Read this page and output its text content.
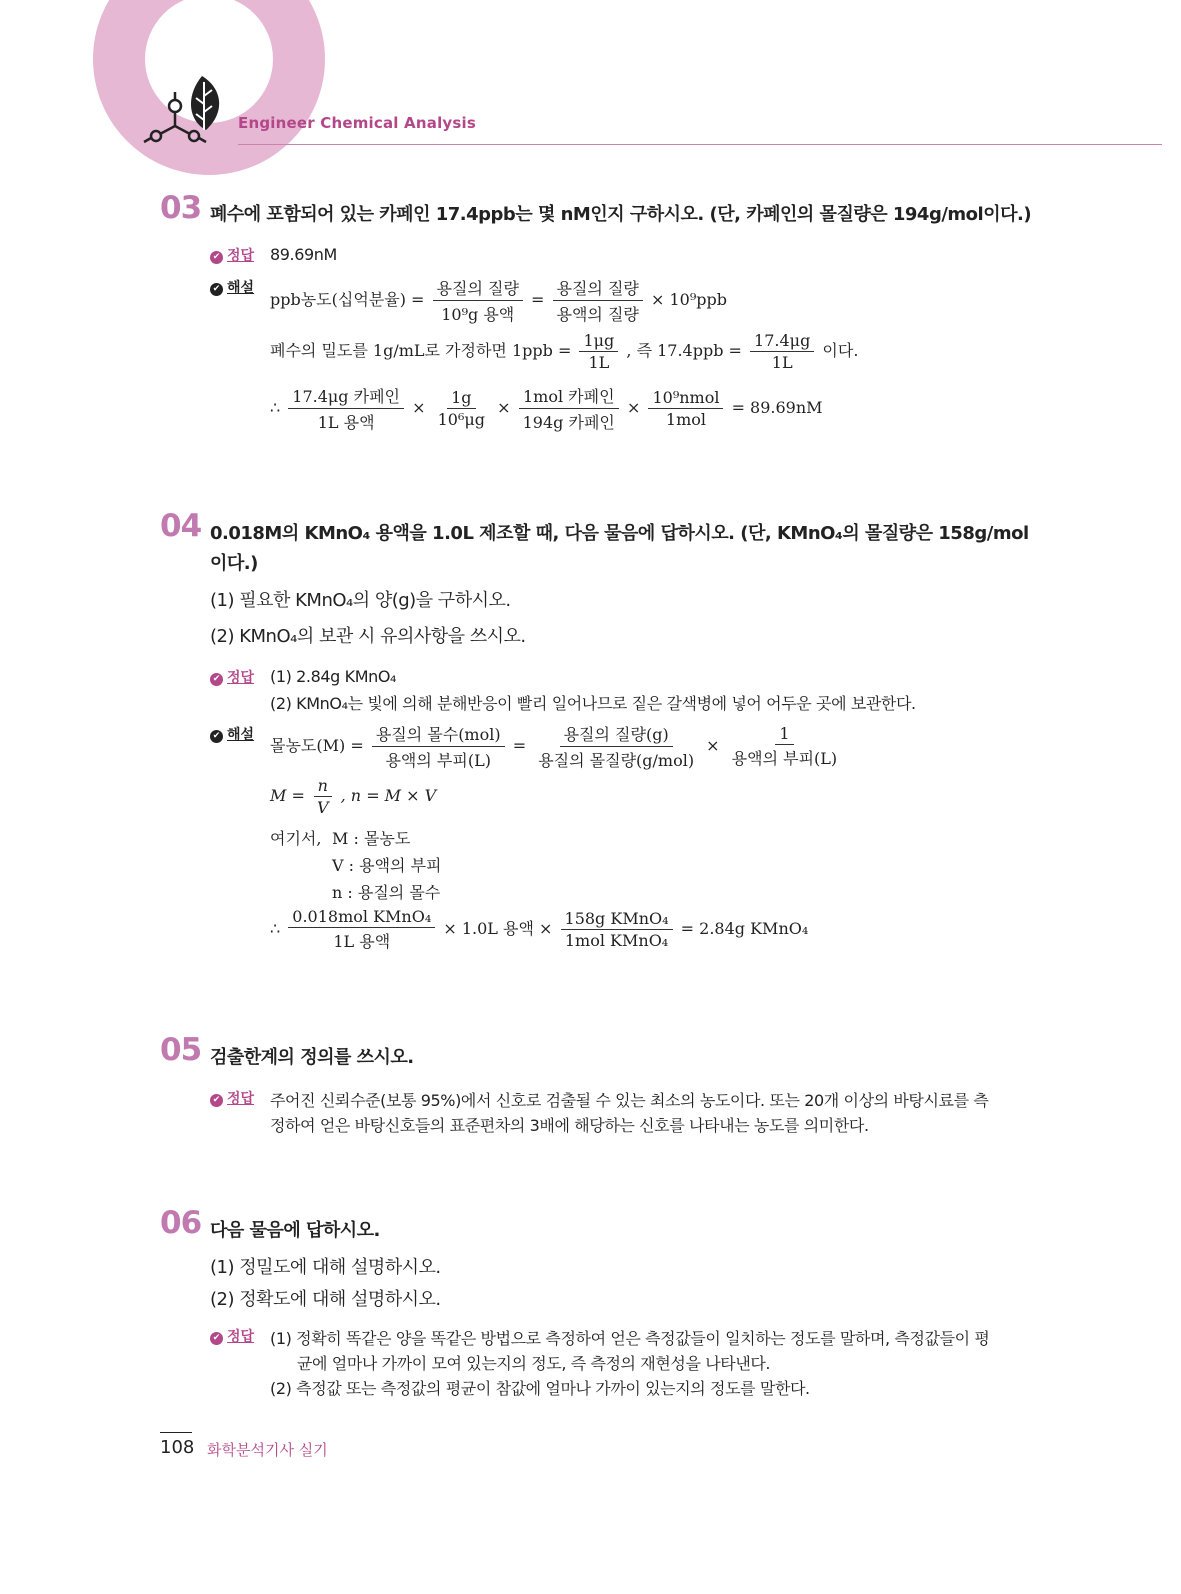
Engineer Chemical Analysis
03 폐수에 포함되어 있는 카페인 17.4ppb는 몇 nM인지 구하시오. (단, 카페인의 몰질량은 194g/mol이다.)
✔ 정답 89.69nM
✔ 해설
ppb농도(십억분율) = $\frac{\text{용질의 질량}}{\text{10⁹g 용액}} = \frac{\text{용질의 질량}}{\text{용액의 질량}} \times 10^9ppb$
폐수의 밀도를 1g/mL로 가정하면 $1ppb = \frac{1\mu g}{1L}$ , 즉 $17.4ppb = \frac{17.4\mu g}{1L}$ 이다.
∴ $\frac{\text{17.4μg 카페인}}{\text{1L 용액}} \times \frac{1g}{\text{10⁶μg}} \times \frac{\text{1mol 카페인}}{\text{194g 카페인}} \times \frac{\text{10⁹nmol}}{\text{1mol}} = 89.69nM$
04 0.018M의 KMnO₄ 용액을 1.0L 제조할 때, 다음 물음에 답하시오. (단, KMnO₄의 몰질량은 158g/mol
이다.)
(1) 필요한 KMnO₄의 양(g)을 구하시오.
(2) KMnO₄의 보관 시 유의사항을 쓰시오.
✔ 정답 (1) 2.84g KMnO₄
(2) KMnO₄는 빛에 의해 분해반응이 빨리 일어나므로 짙은 갈색병에 넣어 어두운 곳에 보관한다.
✔ 해설
몰농도$(M) = \frac{\text{용질의 몰수(mol)}}{\text{용액의 부피(L)}} = \frac{\text{용질의 질량(g)}}{\text{용질의 몰질량(g/mol)}} \times \frac{1}{\text{용액의 부피(L)}}$
$M = \frac{n}{V}$ , n = M × V
여기서, M : 몰농도
V : 용액의 부피
n : 용질의 몰수
∴ $\frac{\text{0.018mol KMnO₄}}{\text{1L 용액}} \times 1.0L$ 용액 × $\frac{\text{158g KMnO₄}}{\text{1mol KMnO₄}} = 2.84g$ KMnO₄
05 검출한계의 정의를 쓰시오.
✔ 정답 주어진 신뢰수준(보통 95%)에서 신호로 검출될 수 있는 최소의 농도이다. 또는 20개 이상의 바탕시료를 측
정하여 얻은 바탕신호들의 표준편차의 3배에 해당하는 신호를 나타내는 농도를 의미한다.
06 다음 물음에 답하시오.
(1) 정밀도에 대해 설명하시오.
(2) 정확도에 대해 설명하시오.
✔ 정답 (1) 정확히 똑같은 양을 똑같은 방법으로 측정하여 얻은 측정값들이 일치하는 정도를 말하며, 측정값들이 평
균에 얼마나 가까이 모여 있는지의 정도, 즉 측정의 재현성을 나타낸다.
(2) 측정값 또는 측정값의 평균이 참값에 얼마나 가까이 있는지의 정도를 말한다.
108 화학분석기사 실기
